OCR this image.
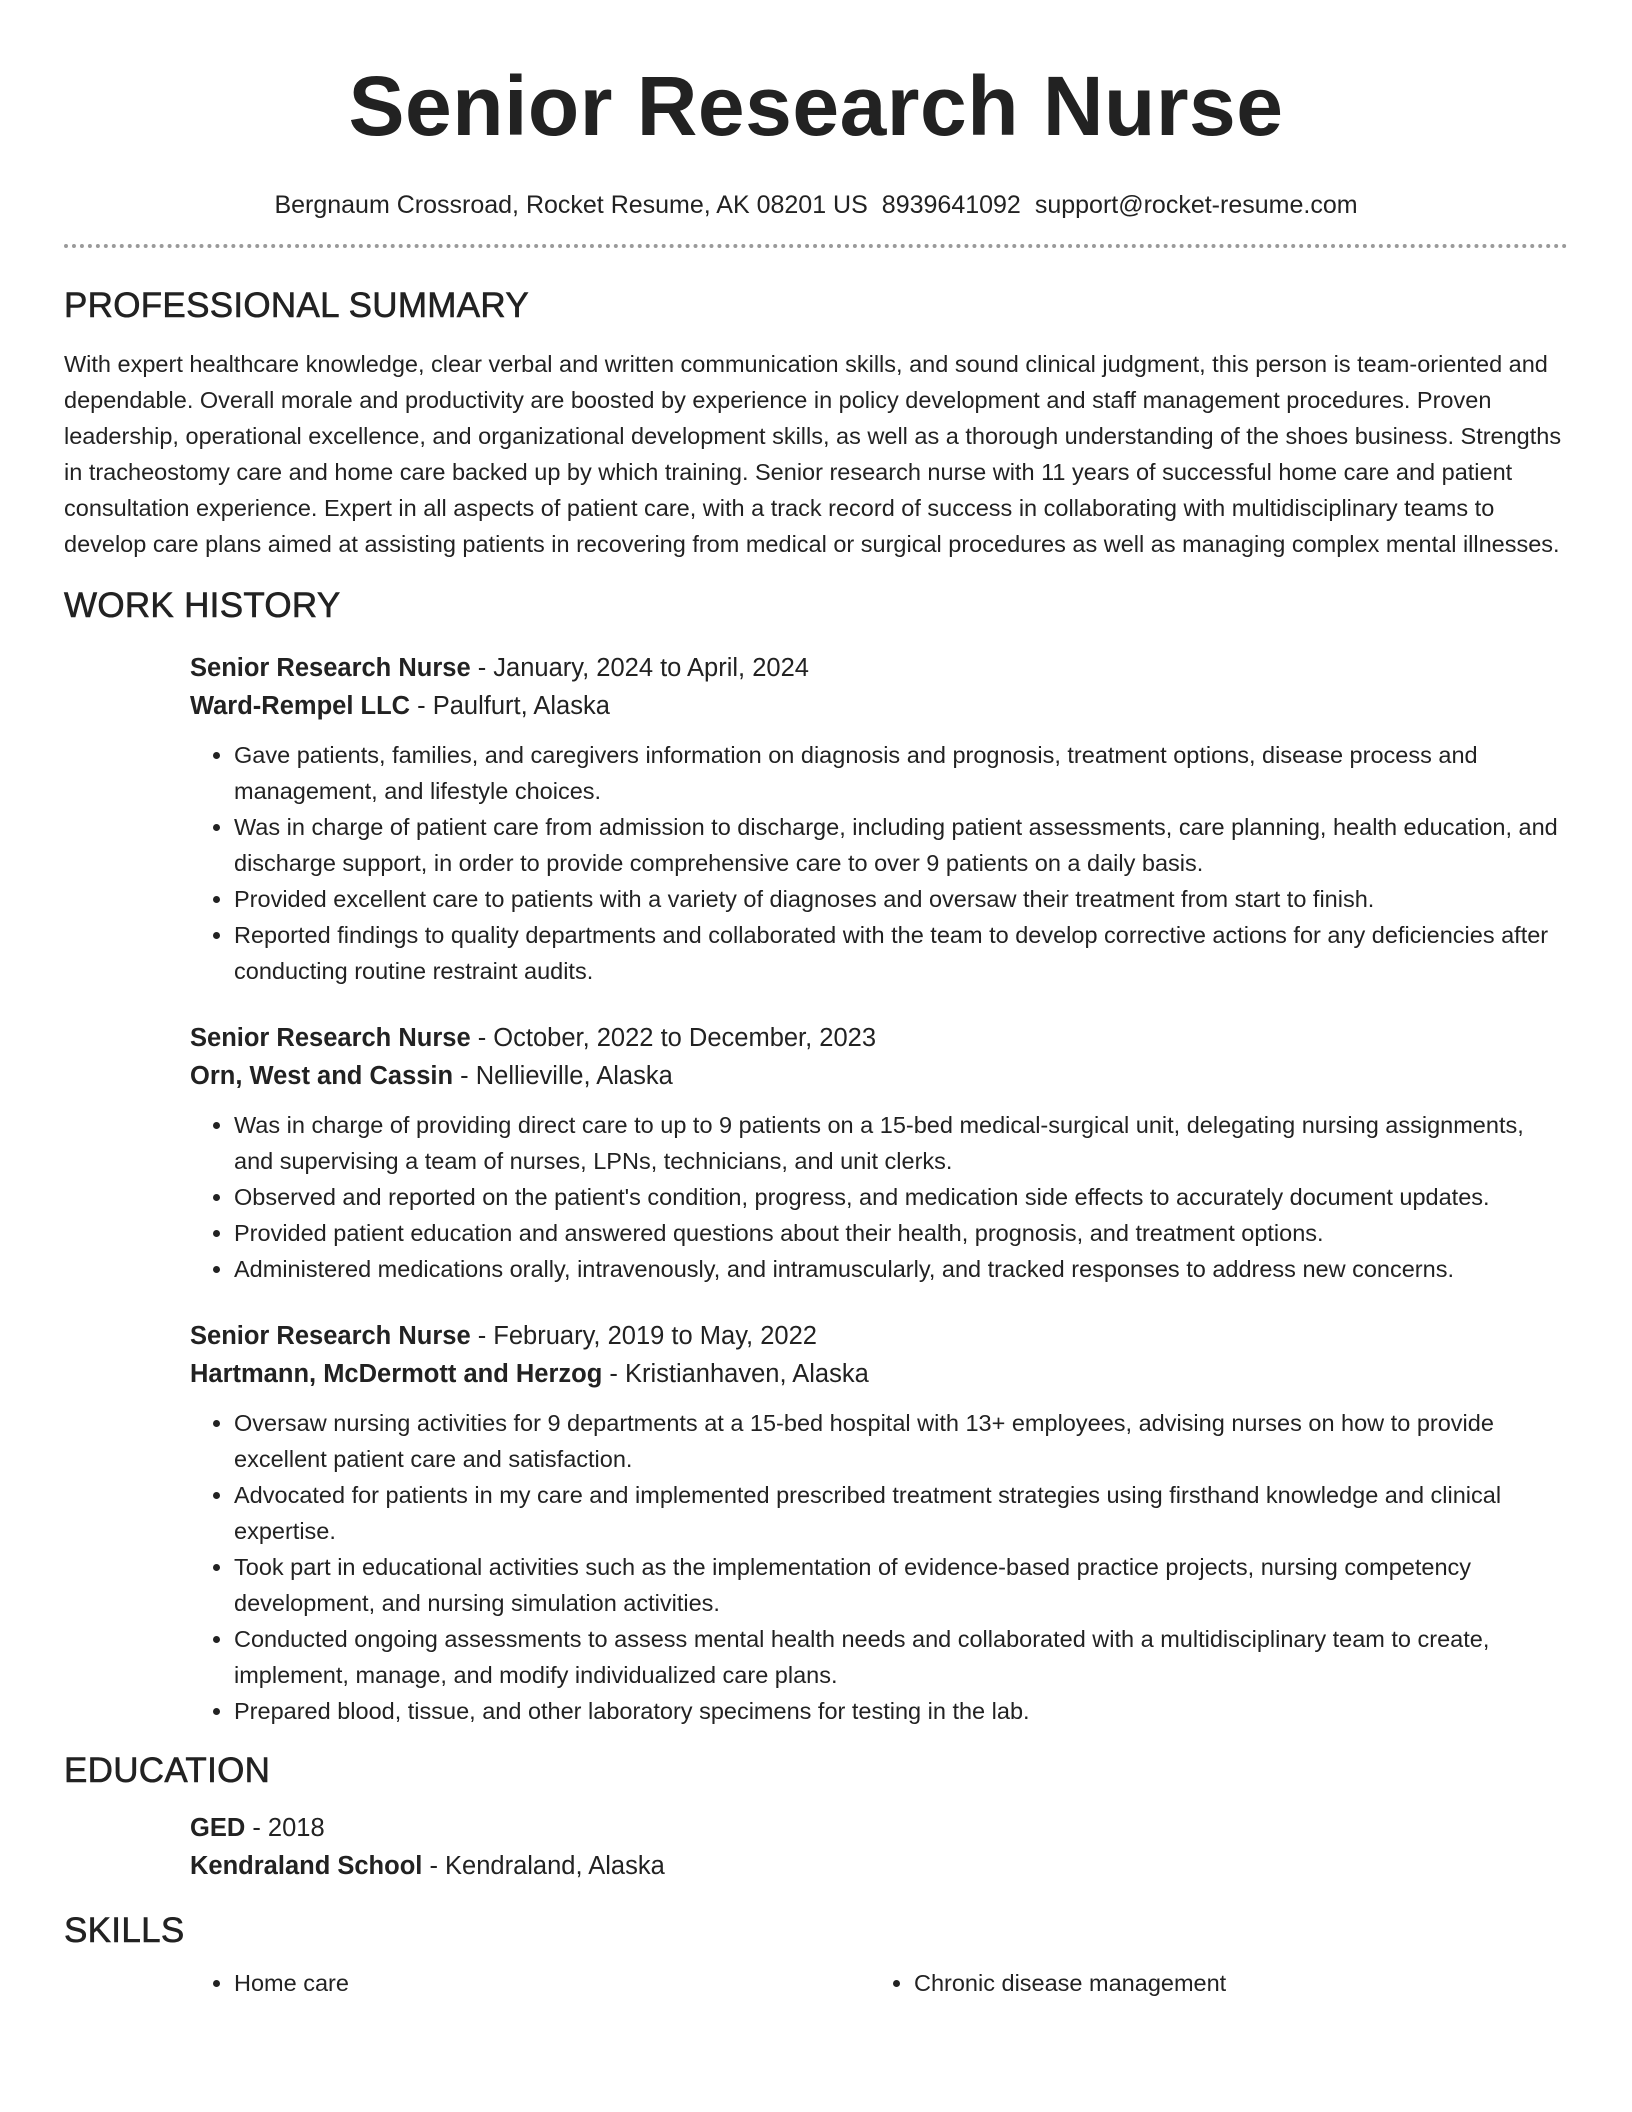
Senior Research Nurse
Bergnaum Crossroad, Rocket Resume, AK 08201 US 8939641092 support@rocket-resume.com
PROFESSIONAL SUMMARY

With expert healthcare knowledge, clear verbal and written communication skills, and sound clinical judgment, this person is team-oriented and dependable. Overall morale and productivity are boosted by experience in policy development and staff management procedures. Proven leadership, operational excellence, and organizational development skills, as well as a thorough understanding of the shoes business. Strengths in tracheostomy care and home care backed up by which training. Senior research nurse with 11 years of successful home care and patient consultation experience. Expert in all aspects of patient care, with a track record of success in collaborating with multidisciplinary teams to develop care plans aimed at assisting patients in recovering from medical or surgical procedures as well as managing complex mental illnesses.

WORK HISTORY
Senior Research Nurse - January, 2024 to April, 2024
Ward-Rempel LLC - Paulfurt, Alaska
• Gave patients, families, and caregivers information on diagnosis and prognosis, treatment options, disease process and management, and lifestyle choices.
• Was in charge of patient care from admission to discharge, including patient assessments, care planning, health education, and discharge support, in order to provide comprehensive care to over 9 patients on a daily basis.
• Provided excellent care to patients with a variety of diagnoses and oversaw their treatment from start to finish.
• Reported findings to quality departments and collaborated with the team to develop corrective actions for any deficiencies after conducting routine restraint audits.
Senior Research Nurse - October, 2022 to December, 2023
Orn, West and Cassin - Nellieville, Alaska
• Was in charge of providing direct care to up to 9 patients on a 15-bed medical-surgical unit, delegating nursing assignments, and supervising a team of nurses, LPNs, technicians, and unit clerks.
• Observed and reported on the patient's condition, progress, and medication side effects to accurately document updates.
• Provided patient education and answered questions about their health, prognosis, and treatment options.
• Administered medications orally, intravenously, and intramuscularly, and tracked responses to address new concerns.
Senior Research Nurse - February, 2019 to May, 2022
Hartmann, McDermott and Herzog - Kristianhaven, Alaska
• Oversaw nursing activities for 9 departments at a 15-bed hospital with 13+ employees, advising nurses on how to provide excellent patient care and satisfaction.
• Advocated for patients in my care and implemented prescribed treatment strategies using firsthand knowledge and clinical expertise.
• Took part in educational activities such as the implementation of evidence-based practice projects, nursing competency development, and nursing simulation activities.
• Conducted ongoing assessments to assess mental health needs and collaborated with a multidisciplinary team to create, implement, manage, and modify individualized care plans.
• Prepared blood, tissue, and other laboratory specimens for testing in the lab.
EDUCATION
GED - 2018
Kendraland School - Kendraland, Alaska
SKILLS
• Home care
•	Chronic disease management
